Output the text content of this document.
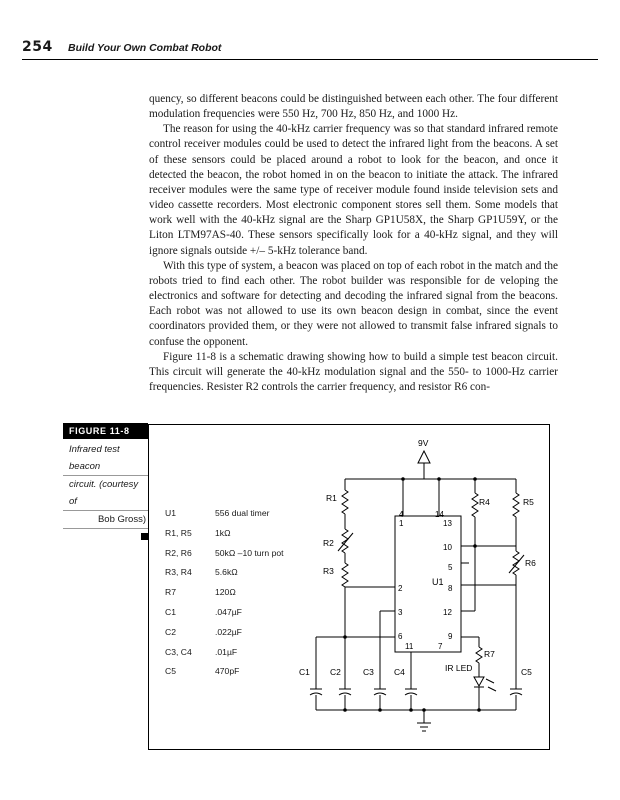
254 Build Your Own Combat Robot

quency, so different beacons could be distinguished between each other. The four different modulation frequencies were 550 Hz, 700 Hz, 850 Hz, and 1000 Hz.

The reason for using the 40-kHz carrier frequency was so that standard infrared remote control receiver modules could be used to detect the infrared light from the beacons. A set of these sensors could be placed around a robot to look for the beacon, and once it detected the beacon, the robot homed in on the beacon to initiate the attack. The infrared receiver modules were the same type of receiver module found inside television sets and video cassette recorders. Most electronic component stores sell them. Some models that work well with the 40-kHz signal are the Sharp GP1U58X, the Sharp GP1U59Y, or the Liton LTM97AS-40. These sensors specifically look for a 40-kHz signal, and they will ignore signals outside +/– 5-kHz tolerance band.

With this type of system, a beacon was placed on top of each robot in the match and the robots tried to find each other. The robot builder was responsible for de veloping the electronics and software for detecting and decoding the infrared signal from the beacons. Each robot was not allowed to use its own beacon design in combat, since the event coordinators provided them, or they were not allowed to transmit false infrared signals to confuse the opponent.

Figure 11-8 is a schematic drawing showing how to build a simple test beacon circuit. This circuit will generate the 40-kHz modulation signal and the 550- to 1000-Hz carrier frequencies. Resister R2 controls the carrier frequency, and resistor R6 con-

FIGURE 11-8
Infrared test beacon
circuit. (courtesy of
Bob Gross)
U1	556 dual timer
R1, R5	1kΩ
R2, R6	50kΩ –10 turn pot
R3, R4	5.6kΩ
R7	120Ω
C1	.047µF
C2	.022µF
C3, C4	.01µF
C5	470pF
9V
R1
R2
R3
R4	R5
R6
R7
IR LED
C1 C2	C3 C4	C5
U1
4	14
1	13
10
5
2	8
3	12
6	9
11	7
